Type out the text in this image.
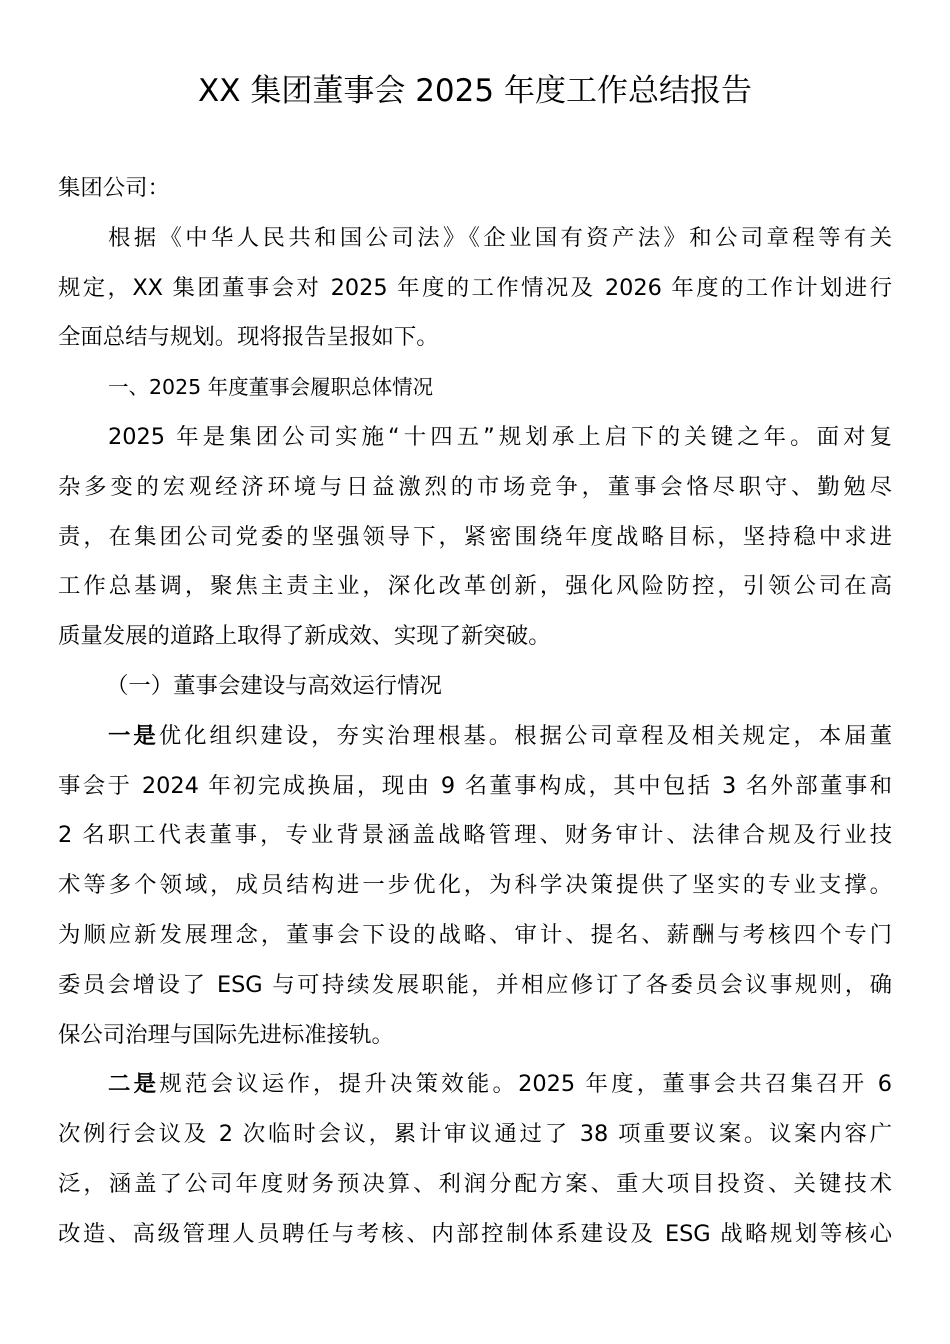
XX 集团董事会 2025 年度工作总结报告
集团公司：
根据《中华人民共和国公司法》《企业国有资产法》和公司章程等有关
规定，XX 集团董事会对 2025 年度的工作情况及 2026 年度的工作计划进行
全面总结与规划。现将报告呈报如下。
一、2025 年度董事会履职总体情况
2025 年是集团公司实施“十四五”规划承上启下的关键之年。面对复
杂多变的宏观经济环境与日益激烈的市场竞争，董事会恪尽职守、勤勉尽
责，在集团公司党委的坚强领导下，紧密围绕年度战略目标，坚持稳中求进
工作总基调，聚焦主责主业，深化改革创新，强化风险防控，引领公司在高
质量发展的道路上取得了新成效、实现了新突破。
（一）董事会建设与高效运行情况
一是优化组织建设，夯实治理根基。根据公司章程及相关规定，本届董
事会于 2024 年初完成换届，现由 9 名董事构成，其中包括 3 名外部董事和
2 名职工代表董事，专业背景涵盖战略管理、财务审计、法律合规及行业技
术等多个领域，成员结构进一步优化，为科学决策提供了坚实的专业支撑。
为顺应新发展理念，董事会下设的战略、审计、提名、薪酬与考核四个专门
委员会增设了 ESG 与可持续发展职能，并相应修订了各委员会议事规则，确
保公司治理与国际先进标准接轨。
二是规范会议运作，提升决策效能。2025 年度，董事会共召集召开 6
次例行会议及 2 次临时会议，累计审议通过了 38 项重要议案。议案内容广
泛，涵盖了公司年度财务预决算、利润分配方案、重大项目投资、关键技术
改造、高级管理人员聘任与考核、内部控制体系建设及 ESG 战略规划等核心
